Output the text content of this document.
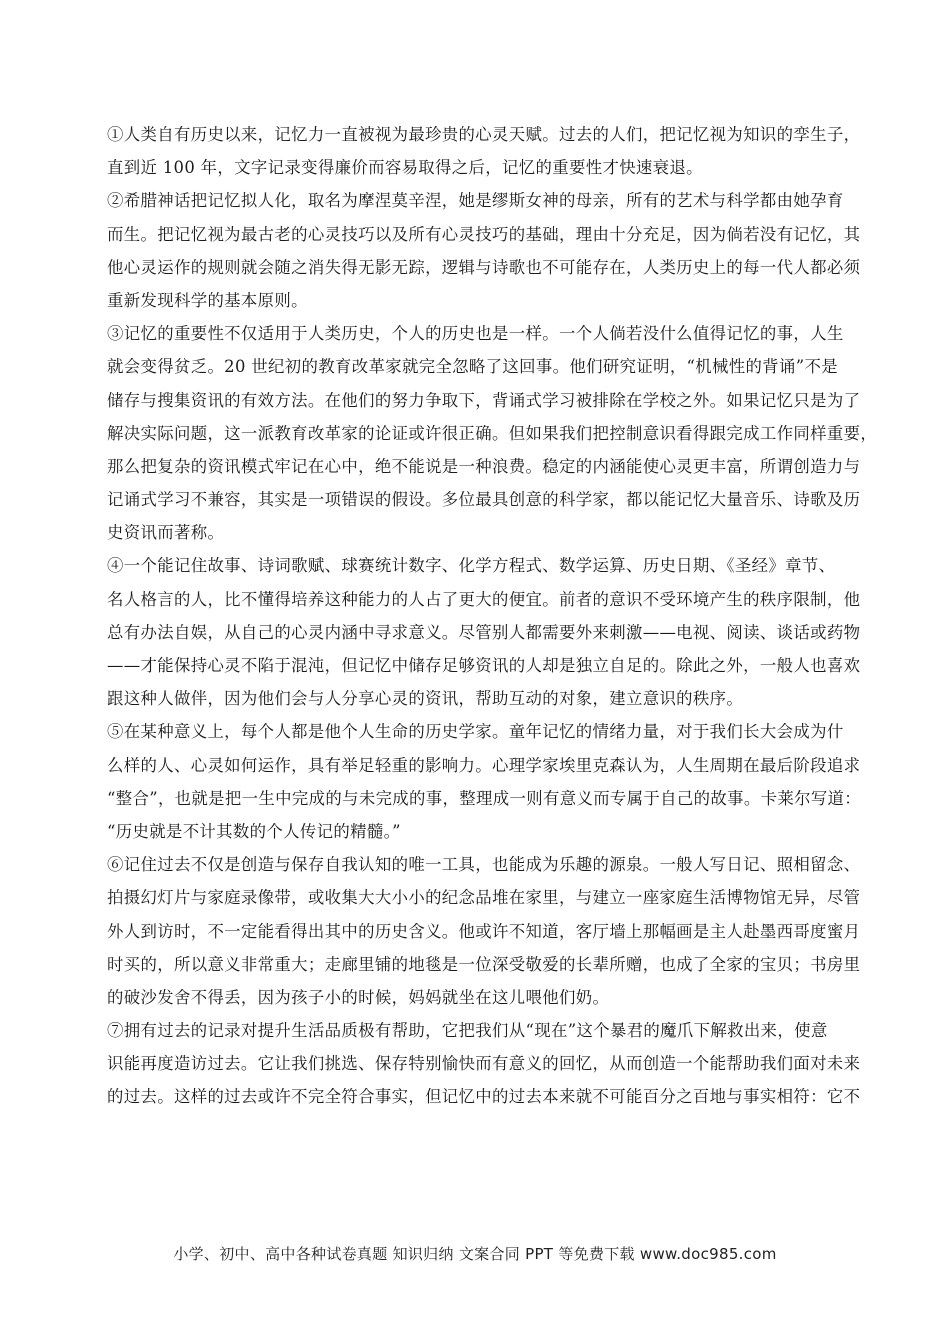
①人类自有历史以来，记忆力一直被视为最珍贵的心灵天赋。过去的人们，把记忆视为知识的孪生子，
直到近 100 年，文字记录变得廉价而容易取得之后，记忆的重要性才快速衰退。
②希腊神话把记忆拟人化，取名为摩涅莫辛涅，她是缪斯女神的母亲，所有的艺术与科学都由她孕育
而生。把记忆视为最古老的心灵技巧以及所有心灵技巧的基础，理由十分充足，因为倘若没有记忆，其
他心灵运作的规则就会随之消失得无影无踪，逻辑与诗歌也不可能存在，人类历史上的每一代人都必须
重新发现科学的基本原则。
③记忆的重要性不仅适用于人类历史，个人的历史也是一样。一个人倘若没什么值得记忆的事，人生
就会变得贫乏。20 世纪初的教育改革家就完全忽略了这回事。他们研究证明，“机械性的背诵”不是
储存与搜集资讯的有效方法。在他们的努力争取下，背诵式学习被排除在学校之外。如果记忆只是为了
解决实际问题，这一派教育改革家的论证或许很正确。但如果我们把控制意识看得跟完成工作同样重要，
那么把复杂的资讯模式牢记在心中，绝不能说是一种浪费。稳定的内涵能使心灵更丰富，所谓创造力与
记诵式学习不兼容，其实是一项错误的假设。多位最具创意的科学家，都以能记忆大量音乐、诗歌及历
史资讯而著称。
④一个能记住故事、诗词歌赋、球赛统计数字、化学方程式、数学运算、历史日期、《圣经》章节、
名人格言的人，比不懂得培养这种能力的人占了更大的便宜。前者的意识不受环境产生的秩序限制，他
总有办法自娱，从自己的心灵内涵中寻求意义。尽管别人都需要外来刺激——电视、阅读、谈话或药物
——才能保持心灵不陷于混沌，但记忆中储存足够资讯的人却是独立自足的。除此之外，一般人也喜欢
跟这种人做伴，因为他们会与人分享心灵的资讯，帮助互动的对象，建立意识的秩序。
⑤在某种意义上，每个人都是他个人生命的历史学家。童年记忆的情绪力量，对于我们长大会成为什
么样的人、心灵如何运作，具有举足轻重的影响力。心理学家埃里克森认为，人生周期在最后阶段追求
“整合”，也就是把一生中完成的与未完成的事，整理成一则有意义而专属于自己的故事。卡莱尔写道：
“历史就是不计其数的个人传记的精髓。”
⑥记住过去不仅是创造与保存自我认知的唯一工具，也能成为乐趣的源泉。一般人写日记、照相留念、
拍摄幻灯片与家庭录像带，或收集大大小小的纪念品堆在家里，与建立一座家庭生活博物馆无异，尽管
外人到访时，不一定能看得出其中的历史含义。他或许不知道，客厅墙上那幅画是主人赴墨西哥度蜜月
时买的，所以意义非常重大；走廊里铺的地毯是一位深受敬爱的长辈所赠，也成了全家的宝贝；书房里
的破沙发舍不得丢，因为孩子小的时候，妈妈就坐在这儿喂他们奶。
⑦拥有过去的记录对提升生活品质极有帮助，它把我们从“现在”这个暴君的魔爪下解救出来，使意
识能再度造访过去。它让我们挑选、保存特别愉快而有意义的回忆，从而创造一个能帮助我们面对未来
的过去。这样的过去或许不完全符合事实，但记忆中的过去本来就不可能百分之百地与事实相符：它不
小学、初中、高中各种试卷真题 知识归纳 文案合同 PPT 等免费下载 www.doc985.com
